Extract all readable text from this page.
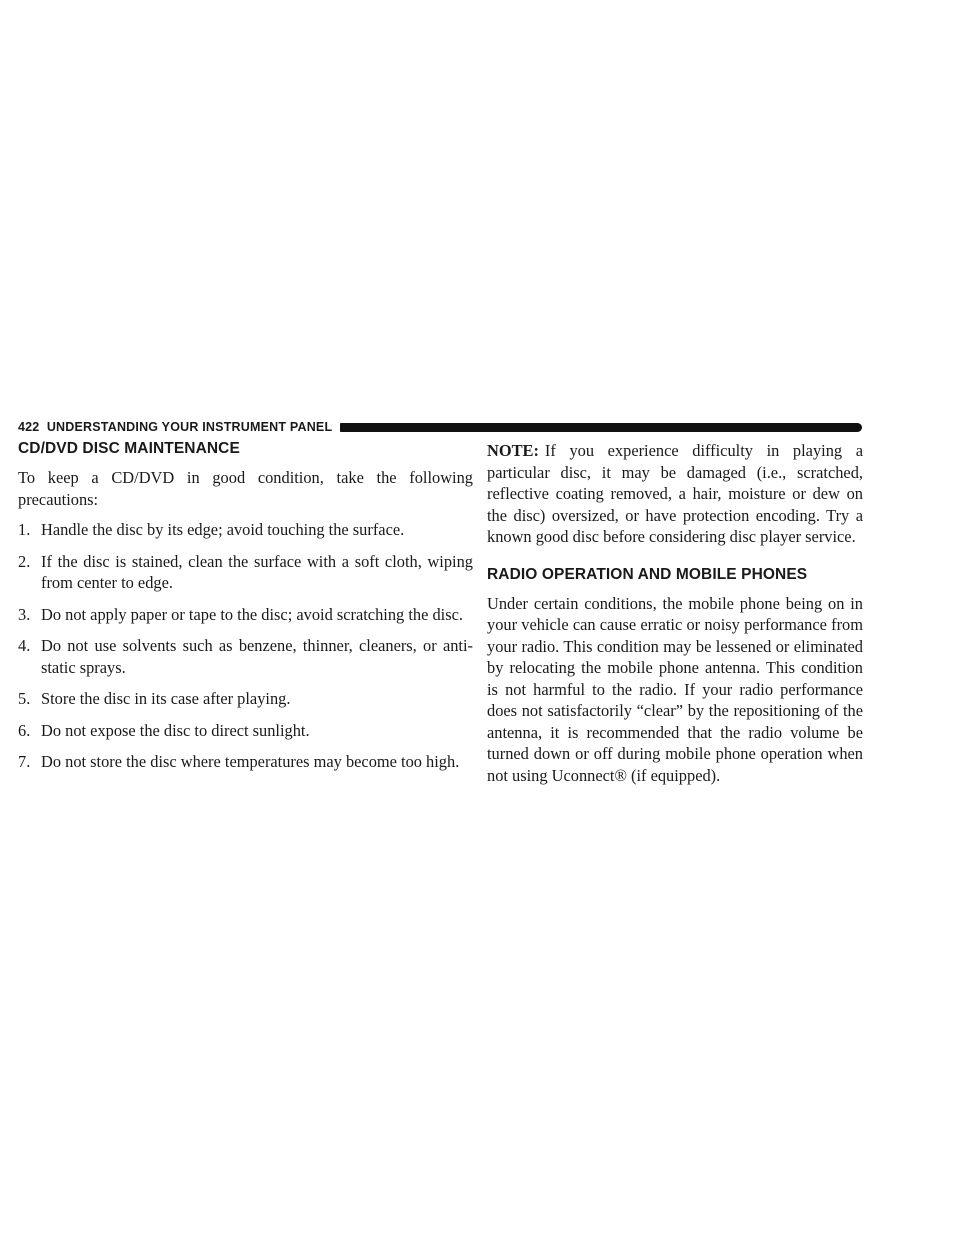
422 UNDERSTANDING YOUR INSTRUMENT PANEL
CD/DVD DISC MAINTENANCE

To keep a CD/DVD in good condition, take the following precautions:

1. Handle the disc by its edge; avoid touching the surface.
2. If the disc is stained, clean the surface with a soft cloth, wiping from center to edge.
3. Do not apply paper or tape to the disc; avoid scratching the disc.
4. Do not use solvents such as benzene, thinner, cleaners, or anti-static sprays.
5. Store the disc in its case after playing.
6. Do not expose the disc to direct sunlight.
7. Do not store the disc where temperatures may become too high.

NOTE: If you experience difficulty in playing a particular disc, it may be damaged (i.e., scratched, reflective coating removed, a hair, moisture or dew on the disc) oversized, or have protection encoding. Try a known good disc before considering disc player service.

RADIO OPERATION AND MOBILE PHONES

Under certain conditions, the mobile phone being on in your vehicle can cause erratic or noisy performance from your radio. This condition may be lessened or eliminated by relocating the mobile phone antenna. This condition is not harmful to the radio. If your radio performance does not satisfactorily “clear” by the repositioning of the antenna, it is recommended that the radio volume be turned down or off during mobile phone operation when not using Uconnect® (if equipped).
